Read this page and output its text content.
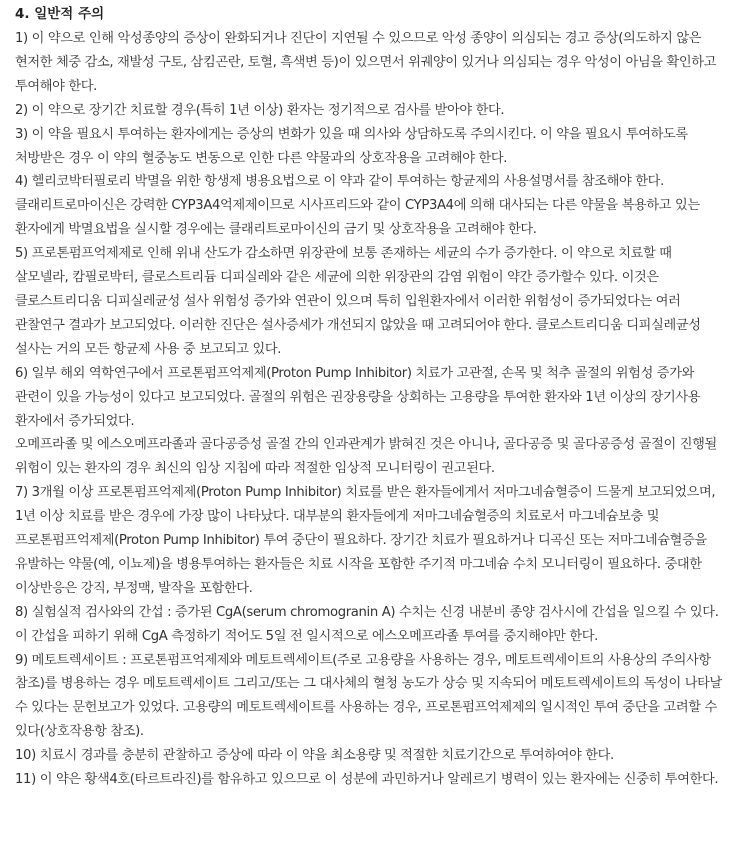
4. 일반적 주의

1) 이 약으로 인해 악성종양의 증상이 완화되거나 진단이 지연될 수 있으므로 악성 종양이 의심되는 경고 증상(의도하지 않은 현저한 체중 감소, 재발성 구토, 삼킴곤란, 토혈, 흑색변 등)이 있으면서 위궤양이 있거나 의심되는 경우 악성이 아님을 확인하고 투여해야 한다.

2) 이 약으로 장기간 치료할 경우(특히 1년 이상) 환자는 정기적으로 검사를 받아야 한다.

3) 이 약을 필요시 투여하는 환자에게는 증상의 변화가 있을 때 의사와 상담하도록 주의시킨다. 이 약을 필요시 투여하도록 처방받은 경우 이 약의 혈중농도 변동으로 인한 다른 약물과의 상호작용을 고려해야 한다.

4) 헬리코박터필로리 박멸을 위한 항생제 병용요법으로 이 약과 같이 투여하는 항균제의 사용설명서를 참조해야 한다. 클래리트로마이신은 강력한 CYP3A4억제제이므로 시사프리드와 같이 CYP3A4에 의해 대사되는 다른 약물을 복용하고 있는 환자에게 박멸요법을 실시할 경우에는 클래리트로마이신의 금기 및 상호작용을 고려해야 한다.

5) 프로톤펌프억제제로 인해 위내 산도가 감소하면 위장관에 보통 존재하는 세균의 수가 증가한다. 이 약으로 치료할 때 살모넬라, 캄필로박터, 클로스트리듐 디피실레와 같은 세균에 의한 위장관의 감염 위험이 약간 증가할수 있다. 이것은 클로스트리디움 디피실레균성 설사 위험성 증가와 연관이 있으며 특히 입원환자에서 이러한 위험성이 증가되었다는 여러 관찰연구 결과가 보고되었다. 이러한 진단은 설사증세가 개선되지 않았을 때 고려되어야 한다. 클로스트리디움 디피실레균성 설사는 거의 모든 항균제 사용 중 보고되고 있다.

6) 일부 해외 역학연구에서 프로톤펌프억제제(Proton Pump Inhibitor) 치료가 고관절, 손목 및 척추 골절의 위험성 증가와 관련이 있을 가능성이 있다고 보고되었다. 골절의 위험은 권장용량을 상회하는 고용량을 투여한 환자와 1년 이상의 장기사용 환자에서 증가되었다.

오메프라졸 및 에스오메프라졸과 골다공증성 골절 간의 인과관계가 밝혀진 것은 아니나, 골다공증 및 골다공증성 골절이 진행될 위험이 있는 환자의 경우 최신의 임상 지침에 따라 적절한 임상적 모니터링이 권고된다.

7) 3개월 이상 프로톤펌프억제제(Proton Pump Inhibitor) 치료를 받은 환자들에게서 저마그네슘혈증이 드물게 보고되었으며, 1년 이상 치료를 받은 경우에 가장 많이 나타났다. 대부분의 환자들에게 저마그네슘혈증의 치료로서 마그네슘보충 및 프로톤펌프억제제(Proton Pump Inhibitor) 투여 중단이 필요하다. 장기간 치료가 필요하거나 디곡신 또는 저마그네슘혈증을 유발하는 약물(예, 이뇨제)을 병용투여하는 환자들은 치료 시작을 포함한 주기적 마그네슘 수치 모니터링이 필요하다. 중대한 이상반응은 강직, 부정맥, 발작을 포함한다.

8) 실험실적 검사와의 간섭 : 증가된 CgA(serum chromogranin A) 수치는 신경 내분비 종양 검사시에 간섭을 일으킬 수 있다. 이 간섭을 피하기 위해 CgA 측정하기 적어도 5일 전 일시적으로 에스오메프라졸 투여를 중지해야만 한다.

9) 메토트렉세이트 : 프로톤펌프억제제와 메토트렉세이트(주로 고용량을 사용하는 경우, 메토트렉세이트의 사용상의 주의사항 참조)를 병용하는 경우 메토트렉세이트 그리고/또는 그 대사체의 혈청 농도가 상승 및 지속되어 메토트렉세이트의 독성이 나타날 수 있다는 문헌보고가 있었다. 고용량의 메토트렉세이트를 사용하는 경우, 프로톤펌프억제제의 일시적인 투여 중단을 고려할 수 있다(상호작용항 참조).

10) 치료시 경과를 충분히 관찰하고 증상에 따라 이 약을 최소용량 및 적절한 치료기간으로 투여하여야 한다.

11) 이 약은 황색4호(타르트라진)를 함유하고 있으므로 이 성분에 과민하거나 알레르기 병력이 있는 환자에는 신중히 투여한다.
